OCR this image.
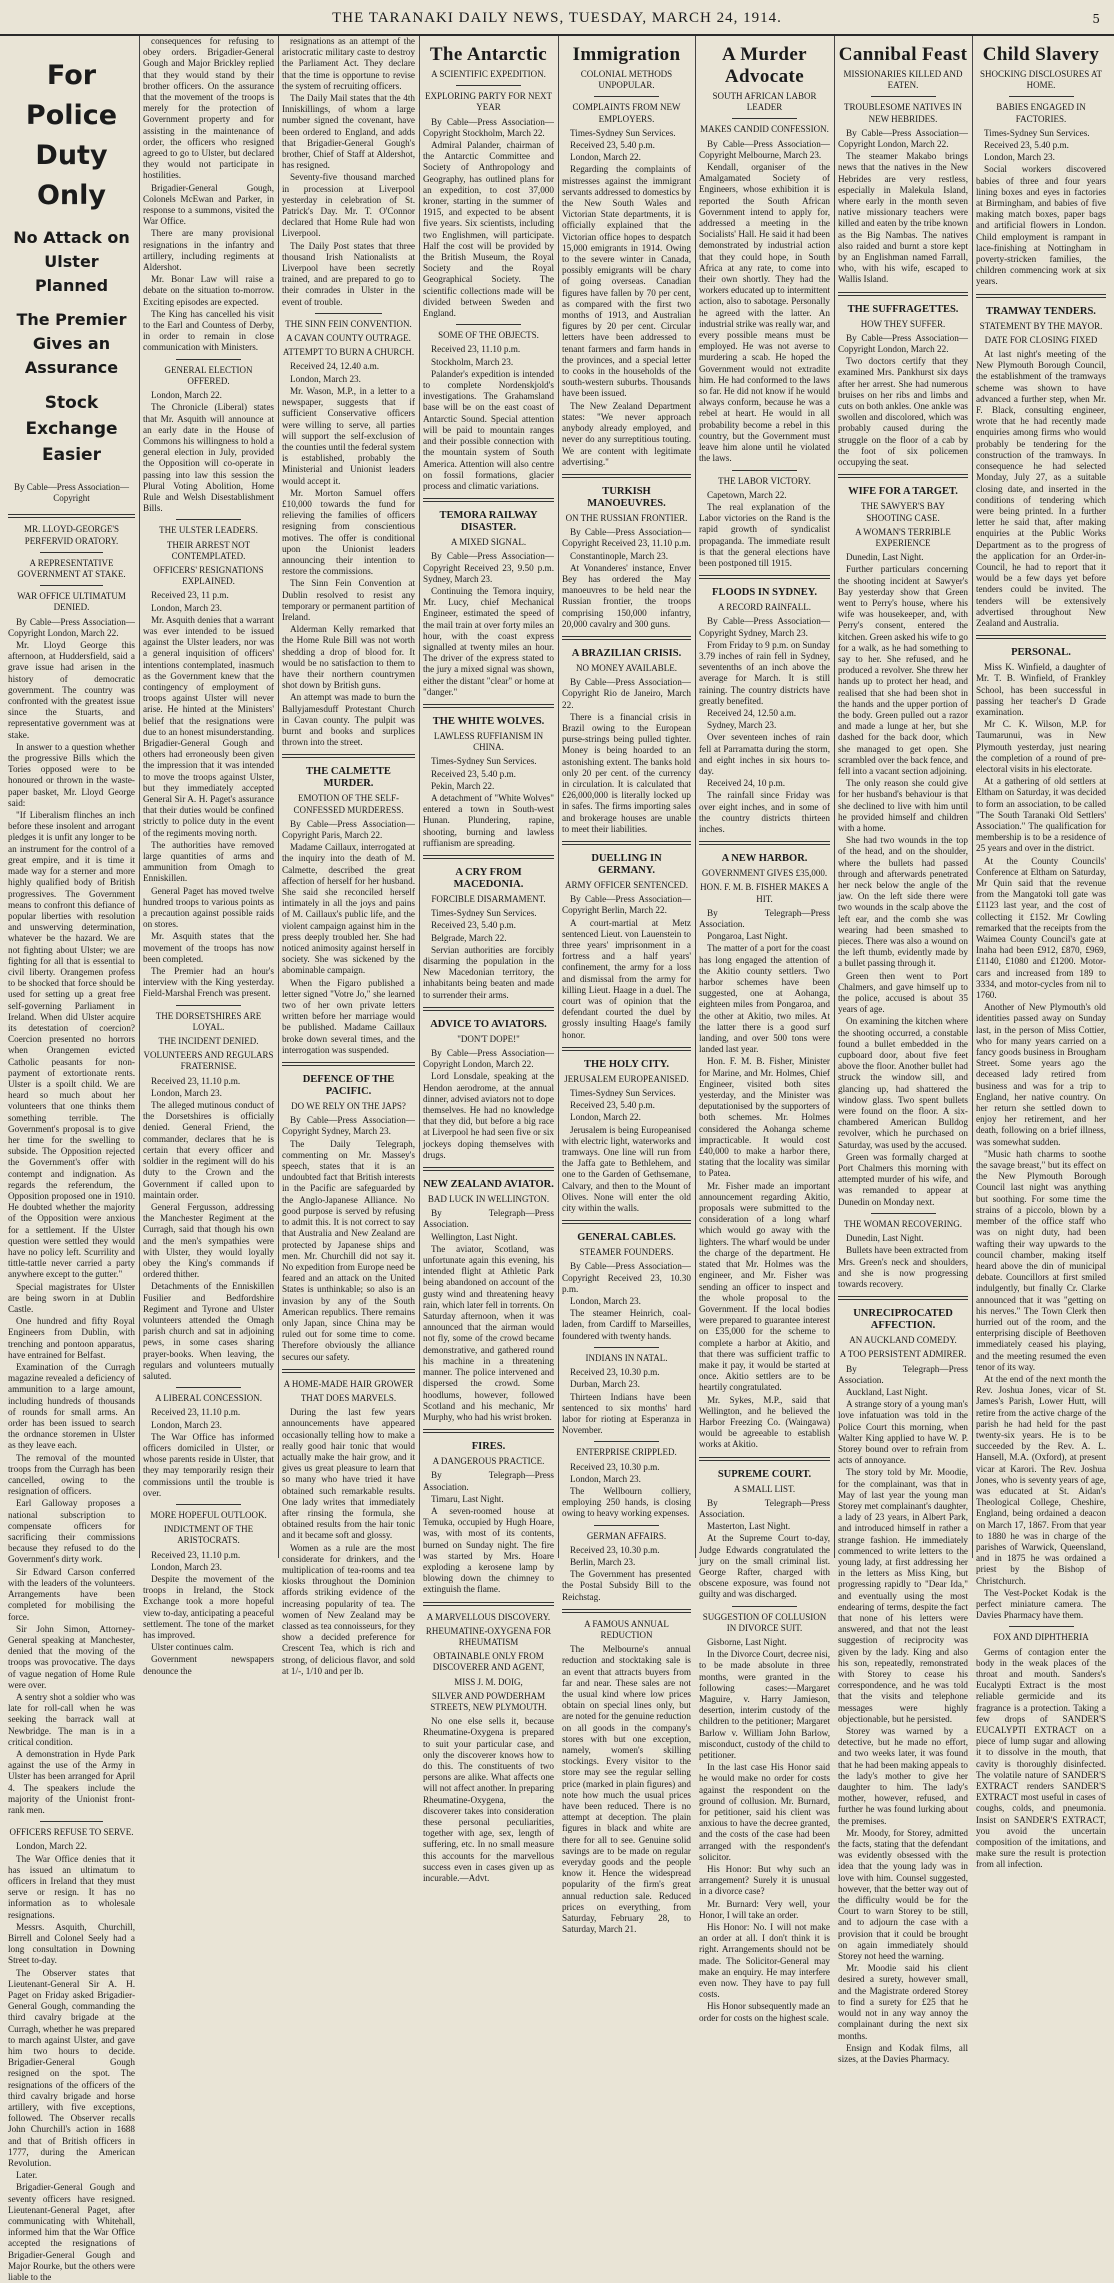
THE TARANAKI DAILY NEWS, TUESDAY, MARCH 24, 1914.	5
For Police Duty Only
No Attack on Ulster Planned
The Premier Gives an Assurance
Stock Exchange Easier
By Cable—Press Association—Copyright
MR. LLOYD-GEORGE'S PERFERVID ORATORY.
A REPRESENTATIVE GOVERNMENT AT STAKE.
WAR OFFICE ULTIMATUM DENIED.

By Cable—Press Association—Copyright London, March 22.

Mr. Lloyd George this afternoon, at Huddersfield, said a grave issue had arisen in the history of democratic government. The country was confronted with the greatest issue since the Stuarts, and representative government was at stake.

In answer to a question whether the progressive Bills which the Tories opposed were to be honoured or thrown in the waste-paper basket, Mr. Lloyd George said:

"If Liberalism flinches an inch before these insolent and arrogant pledges it is unfit any longer to be an instrument for the control of a great empire, and it is time it made way for a sterner and more highly qualified body of British progressives. The Government means to confront this defiance of popular liberties with resolution and unswerving determination, whatever be the hazard. We are not fighting about Ulster; we are fighting for all that is essential to civil liberty. Orangemen profess to be shocked that force should be used for setting up a great free self-governing Parliament in Ireland. When did Ulster acquire its detestation of coercion? Coercion presented no horrors when Orangemen evicted Catholic peasants for non-payment of extortionate rents. Ulster is a spoilt child. We are heard so much about her volunteers that one thinks them something terrible. The Government's proposal is to give her time for the swelling to subside. The Opposition rejected the Government's offer with contempt and indignation. As regards the referendum, the Opposition proposed one in 1910. He doubted whether the majority of the Opposition were anxious for a settlement. If the Ulster question were settled they would have no policy left. Scurrility and tittle-tattle never carried a party anywhere except to the gutter."

Special magistrates for Ulster are being sworn in at Dublin Castle.

One hundred and fifty Royal Engineers from Dublin, with trenching and pontoon apparatus, have entrained for Belfast.

Examination of the Curragh magazine revealed a deficiency of ammunition to a large amount, including hundreds of thousands of rounds for small arms. An order has been issued to search the ordnance storemen in Ulster as they leave each.

The removal of the mounted troops from the Curragh has been cancelled, owing to the resignation of officers.

Earl Galloway proposes a national subscription to compensate officers for sacrificing their commissions because they refused to do the Government's dirty work.

Sir Edward Carson conferred with the leaders of the volunteers. Arrangements have been completed for mobilising the force.

Sir John Simon, Attorney-General speaking at Manchester, denied that the moving of the troops was provocative. The days of vague negation of Home Rule were over.

A sentry shot a soldier who was late for roll-call when he was seeking the barrack wall at Newbridge. The man is in a critical condition.

A demonstration in Hyde Park against the use of the Army in Ulster has been arranged for April 4. The speakers include the majority of the Unionist front-rank men.

OFFICERS REFUSE TO SERVE.

London, March 22.

The War Office denies that it has issued an ultimatum to officers in Ireland that they must serve or resign. It has no information as to wholesale resignations.

Messrs. Asquith, Churchill, Birrell and Colonel Seely had a long consultation in Downing Street to-day.

The Observer states that Lieutenant-General Sir A. H. Paget on Friday asked Brigadier-General Gough, commanding the third cavalry brigade at the Curragh, whether he was prepared to march against Ulster, and gave him two hours to decide. Brigadier-General Gough resigned on the spot. The resignations of the officers of the third cavalry brigade and horse artillery, with five exceptions, followed. The Observer recalls John Churchill's action in 1688 and that of British officers in 1777, during the American Revolution.

Later.

Brigadier-General Gough and seventy officers have resigned. Lieutenant-General Paget, after communicating with Whitehall, informed him that the War Office accepted the resignations of Brigadier-General Gough and Major Rourke, but the others were liable to the

consequences for refusing to obey orders. Brigadier-General Gough and Major Brickley replied that they would stand by their brother officers. On the assurance that the movement of the troops is merely for the protection of Government property and for assisting in the maintenance of order, the officers who resigned agreed to go to Ulster, but declared they would not participate in hostilities.

Brigadier-General Gough, Colonels McEwan and Parker, in response to a summons, visited the War Office.

There are many provisional resignations in the infantry and artillery, including regiments at Aldershot.

Mr. Bonar Law will raise a debate on the situation to-morrow. Exciting episodes are expected.

The King has cancelled his visit to the Earl and Countess of Derby, in order to remain in close communication with Ministers.

GENERAL ELECTION OFFERED.

London, March 22.

The Chronicle (Liberal) states that Mr. Asquith will announce at an early date in the House of Commons his willingness to hold a general election in July, provided the Opposition will co-operate in passing into law this session the Plural Voting Abolition, Home Rule and Welsh Disestablishment Bills.

THE ULSTER LEADERS.
THEIR ARREST NOT CONTEMPLATED.
OFFICERS' RESIGNATIONS EXPLAINED.

Received 23, 11 p.m.

London, March 23.

Mr. Asquith denies that a warrant was ever intended to be issued against the Ulster leaders, nor was a general inquisition of officers' intentions contemplated, inasmuch as the Government knew that the contingency of employment of troops against Ulster will never arise. He hinted at the Ministers' belief that the resignations were due to an honest misunderstanding. Brigadier-General Gough and others had erroneously been given the impression that it was intended to move the troops against Ulster, but they immediately accepted General Sir A. H. Paget's assurance that their duties would be confined strictly to police duty in the event of the regiments moving north.

The authorities have removed large quantities of arms and ammunition from Omagh to Enniskillen.

General Paget has moved twelve hundred troops to various points as a precaution against possible raids on stores.

Mr. Asquith states that the movement of the troops has now been completed.

The Premier had an hour's interview with the King yesterday. Field-Marshal French was present.

THE DORSETSHIRES ARE LOYAL.
THE INCIDENT DENIED.
VOLUNTEERS AND REGULARS FRATERNISE.

Received 23, 11.10 p.m.

London, March 23.

The alleged mutinous conduct of the Dorsetshires is officially denied. General Friend, the commander, declares that he is certain that every officer and soldier in the regiment will do his duty to the Crown and the Government if called upon to maintain order.

General Fergusson, addressing the Manchester Regiment at the Curragh, said that though his own and the men's sympathies were with Ulster, they would loyally obey the King's commands if ordered thither.

Detachments of the Enniskillen Fusilier and Bedfordshire Regiment and Tyrone and Ulster volunteers attended the Omagh parish church and sat in adjoining pews, in some cases sharing prayer-books. When leaving, the regulars and volunteers mutually saluted.

A LIBERAL CONCESSION.

Received 23, 11.10 p.m.

London, March 23.

The War Office has informed officers domiciled in Ulster, or whose parents reside in Ulster, that they may temporarily resign their commissions until the trouble is over.

MORE HOPEFUL OUTLOOK.
INDICTMENT OF THE ARISTOCRATS.

Received 23, 11.10 p.m.

London, March 23.

Despite the movement of the troops in Ireland, the Stock Exchange took a more hopeful view to-day, anticipating a peaceful settlement. The tone of the market has improved.

Ulster continues calm.

Government newspapers denounce the

resignations as an attempt of the aristocratic military caste to destroy the Parliament Act. They declare that the time is opportune to revise the system of recruiting officers.

The Daily Mail states that the 4th Inniskillings, of whom a large number signed the covenant, have been ordered to England, and adds that Brigadier-General Gough's brother, Chief of Staff at Aldershot, has resigned.

Seventy-five thousand marched in procession at Liverpool yesterday in celebration of St. Patrick's Day. Mr. T. O'Connor declared that Home Rule had won Liverpool.

The Daily Post states that three thousand Irish Nationalists at Liverpool have been secretly trained, and are prepared to go to their comrades in Ulster in the event of trouble.

THE SINN FEIN CONVENTION.
A CAVAN COUNTY OUTRAGE.
ATTEMPT TO BURN A CHURCH.

Received 24, 12.40 a.m.

London, March 23.

Mr. Wason, M.P., in a letter to a newspaper, suggests that if sufficient Conservative officers were willing to serve, all parties will support the self-exclusion of the counties until the federal system is established, probably the Ministerial and Unionist leaders would accept it.

Mr. Morton Samuel offers £10,000 towards the fund for relieving the families of officers resigning from conscientious motives. The offer is conditional upon the Unionist leaders announcing their intention to restore the commissions.

The Sinn Fein Convention at Dublin resolved to resist any temporary or permanent partition of Ireland.

Alderman Kelly remarked that the Home Rule Bill was not worth shedding a drop of blood for. It would be no satisfaction to them to have their northern countrymen shot down by British guns.

An attempt was made to burn the Ballyjamesduff Protestant Church in Cavan county. The pulpit was burnt and books and surplices thrown into the street.

THE CALMETTE MURDER.
EMOTION OF THE SELF-CONFESSED MURDERESS.

By Cable—Press Association—Copyright Paris, March 22.

Madame Caillaux, interrogated at the inquiry into the death of M. Calmette, described the great affection of herself for her husband. She said she reconciled herself intimately in all the joys and pains of M. Caillaux's public life, and the violent campaign against him in the press deeply troubled her. She had noticed animosity against herself in society. She was sickened by the abominable campaign.

When the Figaro published a letter signed "Votre Jo," she learned two of her own private letters written before her marriage would be published. Madame Caillaux broke down several times, and the interrogation was suspended.

DEFENCE OF THE PACIFIC.
DO WE RELY ON THE JAPS?

By Cable—Press Association—Copyright Sydney, March 23.

The Daily Telegraph, commenting on Mr. Massey's speech, states that it is an undoubted fact that British interests in the Pacific are safeguarded by the Anglo-Japanese Alliance. No good purpose is served by refusing to admit this. It is not correct to say that Australia and New Zealand are protected by Japanese ships and men. Mr. Churchill did not say it. No expedition from Europe need be feared and an attack on the United States is unthinkable; so also is an invasion by any of the South American republics. There remains only Japan, since China may be ruled out for some time to come. Therefore obviously the alliance secures our safety.

A HOME-MADE HAIR GROWER
THAT DOES MARVELS.

During the last few years announcements have appeared occasionally telling how to make a really good hair tonic that would actually make the hair grow, and it gives us great pleasure to learn that so many who have tried it have obtained such remarkable results. One lady writes that immediately after rinsing the formula, she obtained results from the hair tonic and it became soft and glossy.

Women as a rule are the most considerate for drinkers, and the multiplication of tea-rooms and tea kiosks throughout the Dominion affords striking evidence of the increasing popularity of tea. The women of New Zealand may be classed as tea connoisseurs, for they show a decided preference for Crescent Tea, which is rich and strong, of delicious flavor, and sold at 1/-, 1/10 and per lb.

The Antarctic
A SCIENTIFIC EXPEDITION.
EXPLORING PARTY FOR NEXT YEAR

By Cable—Press Association—Copyright Stockholm, March 22.

Admiral Palander, chairman of the Antarctic Committee and Society of Anthropology and Geography, has outlined plans for an expedition, to cost 37,000 kroner, starting in the summer of 1915, and expected to be absent five years. Six scientists, including two Englishmen, will participate. Half the cost will be provided by the British Museum, the Royal Society and the Royal Geographical Society. The scientific collections made will be divided between Sweden and England.

SOME OF THE OBJECTS.

Received 23, 11.10 p.m.

Stockholm, March 23.

Palander's expedition is intended to complete Nordenskjold's investigations. The Grahamsland base will be on the east coast of Antarctic Sound. Special attention will be paid to mountain ranges and their possible connection with the mountain system of South America. Attention will also centre on fossil formations, glacier process and climatic variations.

TEMORA RAILWAY DISASTER.
A MIXED SIGNAL.

By Cable—Press Association—Copyright Received 23, 9.50 p.m. Sydney, March 23.

Continuing the Temora inquiry, Mr. Lucy, chief Mechanical Engineer, estimated the speed of the mail train at over forty miles an hour, with the coast express signalled at twenty miles an hour. The driver of the express stated to the jury a mixed signal was shown, either the distant "clear" or home at "danger."

THE WHITE WOLVES.
LAWLESS RUFFIANISM IN CHINA.

Times-Sydney Sun Services.

Received 23, 5.40 p.m.

Pekin, March 22.

A detachment of "White Wolves" entered a town in South-west Hunan. Plundering, rapine, shooting, burning and lawless ruffianism are spreading.

A CRY FROM MACEDONIA.
FORCIBLE DISARMAMENT.

Times-Sydney Sun Services.

Received 23, 5.40 p.m.

Belgrade, March 22.

Servian authorities are forcibly disarming the population in the New Macedonian territory, the inhabitants being beaten and made to surrender their arms.

ADVICE TO AVIATORS.
"DON'T DOPE!"

By Cable—Press Association—Copyright London, March 22.

Lord Lonsdale, speaking at the Hendon aerodrome, at the annual dinner, advised aviators not to dope themselves. He had no knowledge that they did, but before a big race at Liverpool he had seen five or six jockeys doping themselves with drugs.

NEW ZEALAND AVIATOR.
BAD LUCK IN WELLINGTON.

By Telegraph—Press Association.

Wellington, Last Night.

The aviator, Scotland, was unfortunate again this evening, his intended flight at Athletic Park being abandoned on account of the gusty wind and threatening heavy rain, which later fell in torrents. On Saturday afternoon, when it was announced that the airman would not fly, some of the crowd became demonstrative, and gathered round his machine in a threatening manner. The police intervened and dispersed the crowd. Some hoodlums, however, followed Scotland and his mechanic, Mr Murphy, who had his wrist broken.

FIRES.
A DANGEROUS PRACTICE.

By Telegraph—Press Association.

Timaru, Last Night.

A seven-roomed house at Temuka, occupied by Hugh Hoare, was, with most of its contents, burned on Sunday night. The fire was started by Mrs. Hoare exploding a kerosene lamp by blowing down the chimney to extinguish the flame.

A MARVELLOUS DISCOVERY.
RHEUMATINE-OXYGENA FOR RHEUMATISM
OBTAINABLE ONLY FROM DISCOVERER AND AGENT,
MISS J. M. DOIG,
SILVER AND POWDERHAM STREETS, NEW PLYMOUTH.

No one else sells it, because Rheumatine-Oxygena is prepared to suit your particular case, and only the discoverer knows how to do this. The constituents of two persons are alike. What affects one will not affect another. In preparing Rheumatine-Oxygena, the discoverer takes into consideration these personal peculiarities, together with age, sex, length of suffering, etc. In no small measure this accounts for the marvellous success even in cases given up as incurable.—Advt.

Immigration
COLONIAL METHODS UNPOPULAR.
COMPLAINTS FROM NEW EMPLOYERS.

Times-Sydney Sun Services.

Received 23, 5.40 p.m.

London, March 22.

Regarding the complaints of mistresses against the immigrant servants addressed to domestics by the New South Wales and Victorian State departments, it is officially explained that the Victorian office hopes to despatch 15,000 emigrants in 1914. Owing to the severe winter in Canada, possibly emigrants will be chary of going overseas. Canadian figures have fallen by 70 per cent, as compared with the first two months of 1913, and Australian figures by 20 per cent. Circular letters have been addressed to tenant farmers and farm hands in the provinces, and a special letter to cooks in the households of the south-western suburbs. Thousands have been issued.

The New Zealand Department states: "We never approach anybody already employed, and never do any surreptitious touting. We are content with legitimate advertising."

TURKISH MANOEUVRES.
ON THE RUSSIAN FRONTIER.

By Cable—Press Association—Copyright Received 23, 11.10 p.m.

Constantinople, March 23.

At Vonanderes' instance, Enver Bey has ordered the May manoeuvres to be held near the Russian frontier, the troops comprising 150,000 infantry, 20,000 cavalry and 300 guns.

A BRAZILIAN CRISIS.
NO MONEY AVAILABLE.

By Cable—Press Association—Copyright Rio de Janeiro, March 22.

There is a financial crisis in Brazil owing to the European purse-strings being pulled tighter. Money is being hoarded to an astonishing extent. The banks hold only 20 per cent. of the currency in circulation. It is calculated that £26,000,000 is literally locked up in safes. The firms importing sales and brokerage houses are unable to meet their liabilities.

DUELLING IN GERMANY.
ARMY OFFICER SENTENCED.

By Cable—Press Association—Copyright Berlin, March 22.

A court-martial at Metz sentenced Lieut. von Lauenstein to three years' imprisonment in a fortress and a half years' confinement, the army for a loss and dismissal from the army for killing Lieut. Haage in a duel. The court was of opinion that the defendant courted the duel by grossly insulting Haage's family honor.

THE HOLY CITY.
JERUSALEM EUROPEANISED.

Times-Sydney Sun Services.

Received 23, 5.40 p.m.

London, March 22.

Jerusalem is being Europeanised with electric light, waterworks and tramways. One line will run from the Jaffa gate to Bethlehem, and one to the Garden of Gethsemane, Calvary, and then to the Mount of Olives. None will enter the old city within the walls.

GENERAL CABLES.
STEAMER FOUNDERS.

By Cable—Press Association—Copyright Received 23, 10.30 p.m.

London, March 23.

The steamer Heinrich, coal-laden, from Cardiff to Marseilles, foundered with twenty hands.

INDIANS IN NATAL.

Received 23, 10.30 p.m.

Durban, March 23.

Thirteen Indians have been sentenced to six months' hard labor for rioting at Esperanza in November.

ENTERPRISE CRIPPLED.

Received 23, 10.30 p.m.

London, March 23.

The Wellbourn colliery, employing 250 hands, is closing owing to heavy working expenses.

GERMAN AFFAIRS.

Received 23, 10.30 p.m.

Berlin, March 23.

The Government has presented the Postal Subsidy Bill to the Reichstag.

A FAMOUS ANNUAL REDUCTION

The Melbourne's annual reduction and stocktaking sale is an event that attracts buyers from far and near. These sales are not the usual kind where low prices obtain on special lines only, but are noted for the genuine reduction on all goods in the company's stores with but one exception, namely, women's skilling stockings. Every visitor to the store may see the regular selling price (marked in plain figures) and note how much the usual prices have been reduced. There is no attempt at deception. The plain figures in black and white are there for all to see. Genuine solid savings are to be made on regular everyday goods and the people know it. Hence the widespread popularity of the firm's great annual reduction sale. Reduced prices on everything, from Saturday, February 28, to Saturday, March 21.

A Murder Advocate
SOUTH AFRICAN LABOR LEADER
MAKES CANDID CONFESSION.

By Cable—Press Association—Copyright Melbourne, March 23.

Kendall, organiser of the Amalgamated Society of Engineers, whose exhibition it is reported the South African Government intend to apply for, addressed a meeting in the Socialists' Hall. He said it had been demonstrated by industrial action that they could hope, in South Africa at any rate, to come into their own shortly. They had the workers educated up to intermittent action, also to sabotage. Personally he agreed with the latter. An industrial strike was really war, and every possible means must be employed. He was not averse to murdering a scab. He hoped the Government would not extradite him. He had conformed to the laws so far. He did not know if he would always conform, because he was a rebel at heart. He would in all probability become a rebel in this country, but the Government must leave him alone until he violated the laws.

THE LABOR VICTORY.

Capetown, March 22.

The real explanation of the Labor victories on the Rand is the rapid growth of syndicalist propaganda. The immediate result is that the general elections have been postponed till 1915.

FLOODS IN SYDNEY.
A RECORD RAINFALL.

By Cable—Press Association—Copyright Sydney, March 23.

From Friday to 9 p.m. on Sunday 3.79 inches of rain fell in Sydney, seventenths of an inch above the average for March. It is still raining. The country districts have greatly benefited.

Received 24, 12.50 a.m.

Sydney, March 23.

Over seventeen inches of rain fell at Parramatta during the storm, and eight inches in six hours to-day.

Received 24, 10 p.m.

The rainfall since Friday was over eight inches, and in some of the country districts thirteen inches.

A NEW HARBOR.
GOVERNMENT GIVES £35,000.
HON. F. M. B. FISHER MAKES A HIT.

By Telegraph—Press Association.

Pongaroa, Last Night.

The matter of a port for the coast has long engaged the attention of the Akitio county settlers. Two harbor schemes have been suggested, one at Aohanga, eighteen miles from Pongaroa, and the other at Akitio, two miles. At the latter there is a good surf landing, and over 500 tons were landed last year.

Hon. F. M. B. Fisher, Minister for Marine, and Mr. Holmes, Chief Engineer, visited both sites yesterday, and the Minister was deputationised by the supporters of both schemes. Mr. Holmes considered the Aohanga scheme impracticable. It would cost £40,000 to make a harbor there, stating that the locality was similar to Patea.

Mr. Fisher made an important announcement regarding Akitio, proposals were submitted to the consideration of a long wharf which would go away with the lighters. The wharf would be under the charge of the department. He stated that Mr. Holmes was the engineer, and Mr. Fisher was sending an officer to inspect and the whole proposal to the Government. If the local bodies were prepared to guarantee interest on £35,000 for the scheme to complete a harbor at Akitio, and that there was sufficient traffic to make it pay, it would be started at once. Akitio settlers are to be heartily congratulated.

Mr. Sykes, M.P., said that Wellington, and he believed the Harbor Freezing Co. (Waingawa) would be agreeable to establish works at Akitio.

SUPREME COURT.
A SMALL LIST.

By Telegraph—Press Association.

Masterton, Last Night.

At the Supreme Court to-day, Judge Edwards congratulated the jury on the small criminal list. George Rafter, charged with obscene exposure, was found not guilty and was discharged.

SUGGESTION OF COLLUSION IN DIVORCE SUIT.

Gisborne, Last Night.

In the Divorce Court, decree nisi, to be made absolute in three months, were granted in the following cases:—Margaret Maguire, v. Harry Jamieson, desertion, interim custody of the children to the petitioner; Margaret Barlow v. William John Barlow, misconduct, custody of the child to petitioner.

In the last case His Honor said he would make no order for costs against the respondent on the ground of collusion. Mr. Burnard, for petitioner, said his client was anxious to have the decree granted, and the costs of the case had been arranged with the respondent's solicitor.

His Honor: But why such an arrangement? Surely it is unusual in a divorce case?

Mr. Burnard: Very well, your Honor, I will take an order.

His Honor: No. I will not make an order at all. I don't think it is right. Arrangements should not be made. The Solicitor-General may make an enquiry. He may interfere even now. They have to pay full costs.

His Honor subsequently made an order for costs on the highest scale.

Cannibal Feast
MISSIONARIES KILLED AND EATEN.
TROUBLESOME NATIVES IN NEW HEBRIDES.

By Cable—Press Association—Copyright London, March 22.

The steamer Makabo brings news that the natives in the New Hebrides are very restless, especially in Malekula Island, where early in the month seven native missionary teachers were killed and eaten by the tribe known as the Big Nambas. The natives also raided and burnt a store kept by an Englishman named Farrall, who, with his wife, escaped to Wallis Island.

THE SUFFRAGETTES.
HOW THEY SUFFER.

By Cable—Press Association—Copyright London, March 22.

Two doctors certify that they examined Mrs. Pankhurst six days after her arrest. She had numerous bruises on her ribs and limbs and cuts on both ankles. One ankle was swollen and discolored, which was probably caused during the struggle on the floor of a cab by the foot of six policemen occupying the seat.

WIFE FOR A TARGET.
THE SAWYER'S BAY SHOOTING CASE.
A WOMAN'S TERRIBLE EXPERIENCE

Dunedin, Last Night.

Further particulars concerning the shooting incident at Sawyer's Bay yesterday show that Green went to Perry's house, where his wife was housekeeper, and, with Perry's consent, entered the kitchen. Green asked his wife to go for a walk, as he had something to say to her. She refused, and he produced a revolver. She threw her hands up to protect her head, and realised that she had been shot in the hands and the upper portion of the body. Green pulled out a razor and made a lunge at her, but she dashed for the back door, which she managed to get open. She scrambled over the back fence, and fell into a vacant section adjoining.

The only reason she could give for her husband's behaviour is that she declined to live with him until he provided himself and children with a home.

She had two wounds in the top of the head, and on the shoulder, where the bullets had passed through and afterwards penetrated her neck below the angle of the jaw. On the left side there were two wounds in the scalp above the left ear, and the comb she was wearing had been smashed to pieces. There was also a wound on the left thumb, evidently made by a bullet passing through it.

Green then went to Port Chalmers, and gave himself up to the police, accused is about 35 years of age.

On examining the kitchen where the shooting occurred, a constable found a bullet embedded in the cupboard door, about five feet above the floor. Another bullet had struck the window sill, and glancing up, had shattered the window glass. Two spent bullets were found on the floor. A six-chambered American Bulldog revolver, which he purchased on Saturday, was used by the accused.

Green was formally charged at Port Chalmers this morning with attempted murder of his wife, and was remanded to appear at Dunedin on Monday next.

THE WOMAN RECOVERING.

Dunedin, Last Night.

Bullets have been extracted from Mrs. Green's neck and shoulders, and she is now progressing towards recovery.

UNRECIPROCATED AFFECTION.
AN AUCKLAND COMEDY.
A TOO PERSISTENT ADMIRER.

By Telegraph—Press Association.

Auckland, Last Night.

A strange story of a young man's love infatuation was told in the Police Court this morning, when Walter King applied to have W. P. Storey bound over to refrain from acts of annoyance.

The story told by Mr. Moodie, for the complainant, was that in May of last year the young man Storey met complainant's daughter, a lady of 23 years, in Albert Park, and introduced himself in rather a strange fashion. He immediately commenced to write letters to the young lady, at first addressing her in the letters as Miss King, but progressing rapidly to "Dear Ida," and eventually using the most endearing of terms, despite the fact that none of his letters were answered, and that not the least suggestion of reciprocity was given by the lady. King and also his son, repeatedly, remonstrated with Storey to cease his correspondence, and he was told that the visits and telephone messages were highly objectionable, but he persisted.

Storey was warned by a detective, but he made no effort, and two weeks later, it was found that he had been making appeals to the lady's mother to give her daughter to him. The lady's mother, however, refused, and further he was found lurking about the premises.

Mr. Moody, for Storey, admitted the facts, stating that the defendant was evidently obsessed with the idea that the young lady was in love with him. Counsel suggested, however, that the better way out of the difficulty would be for the Court to warn Storey to be still, and to adjourn the case with a provision that it could be brought on again immediately should Storey not heed the warning.

Mr. Moodie said his client desired a surety, however small, and the Magistrate ordered Storey to find a surety for £25 that he would not in any way annoy the complainant during the next six months.

Ensign and Kodak films, all sizes, at the Davies Pharmacy.

Child Slavery
SHOCKING DISCLOSURES AT HOME.
BABIES ENGAGED IN FACTORIES.

Times-Sydney Sun Services.

Received 23, 5.40 p.m.

London, March 23.

Social workers discovered babies of three and four years lining boxes and eyes in factories at Birmingham, and babies of five making match boxes, paper bags and artificial flowers in London. Child employment is rampant in lace-finishing at Nottingham in poverty-stricken families, the children commencing work at six years.

TRAMWAY TENDERS.
STATEMENT BY THE MAYOR.
DATE FOR CLOSING FIXED

At last night's meeting of the New Plymouth Borough Council, the establishment of the tramways scheme was shown to have advanced a further step, when Mr. F. Black, consulting engineer, wrote that he had recently made enquiries among firms who would probably be tendering for the construction of the tramways. In consequence he had selected Monday, July 27, as a suitable closing date, and inserted in the conditions of tendering which were being printed. In a further letter he said that, after making enquiries at the Public Works Department as to the progress of the application for an Order-in-Council, he had to report that it would be a few days yet before tenders could be invited. The tenders will be extensively advertised throughout New Zealand and Australia.

PERSONAL.

Miss K. Winfield, a daughter of Mr. T. B. Winfield, of Frankley School, has been successful in passing her teacher's D Grade examination.

Mr C. K. Wilson, M.P. for Taumarunui, was in New Plymouth yesterday, just nearing the completion of a round of pre-electoral visits in his electorate.

At a gathering of old settlers at Eltham on Saturday, it was decided to form an association, to be called "The South Taranaki Old Settlers' Association." The qualification for membership is to be a residence of 25 years and over in the district.

At the County Councils' Conference at Eltham on Saturday, Mr Quin said that the revenue from the Mangatoki toll gate was £1123 last year, and the cost of collecting it £152. Mr Cowling remarked that the receipts from the Waimea County Council's gate at Inaha had been £912, £870, £969, £1140, £1080 and £1200. Motor-cars and increased from 189 to 3334, and motor-cycles from nil to 1760.

Another of New Plymouth's old identities passed away on Sunday last, in the person of Miss Cottier, who for many years carried on a fancy goods business in Brougham Street. Some years ago the deceased lady retired from business and was for a trip to England, her native country. On her return she settled down to enjoy her retirement, and her death, following on a brief illness, was somewhat sudden.

"Music hath charms to soothe the savage breast," but its effect on the New Plymouth Borough Council last night was anything but soothing. For some time the strains of a piccolo, blown by a member of the office staff who was on night duty, had been wafting their way upwards to the council chamber, making itself heard above the din of municipal debate. Councillors at first smiled indulgently, but finally Cr. Clarke announced that it was "getting on his nerves." The Town Clerk then hurried out of the room, and the enterprising disciple of Beethoven immediately ceased his playing, and the meeting resumed the even tenor of its way.

At the end of the next month the Rev. Joshua Jones, vicar of St. James's Parish, Lower Hutt, will retire from the active charge of the parish he had held for the past twenty-six years. He is to be succeeded by the Rev. A. L. Hansell, M.A. (Oxford), at present vicar at Karori. The Rev. Joshua Jones, who is seventy years of age, was educated at St. Aidan's Theological College, Cheshire, England, being ordained a deacon on March 17, 1867. From that year to 1880 he was in charge of the parishes of Warwick, Queensland, and in 1875 he was ordained a priest by the Bishop of Christchurch.

The Vest-Pocket Kodak is the perfect miniature camera. The Davies Pharmacy have them.

FOX AND DIPHTHERIA

Germs of contagion enter the body in the weak places of the throat and mouth. Sanders's Eucalypti Extract is the most reliable germicide and its fragrance is a protection. Taking a few drops of SANDER'S EUCALYPTI EXTRACT on a piece of lump sugar and allowing it to dissolve in the mouth, that cavity is thoroughly disinfected. The volatile nature of SANDER'S EXTRACT renders SANDER'S EXTRACT most useful in cases of coughs, colds, and pneumonia. Insist on SANDER'S EXTRACT, you avoid the uncertain composition of the imitations, and make sure the result is protection from all infection.
